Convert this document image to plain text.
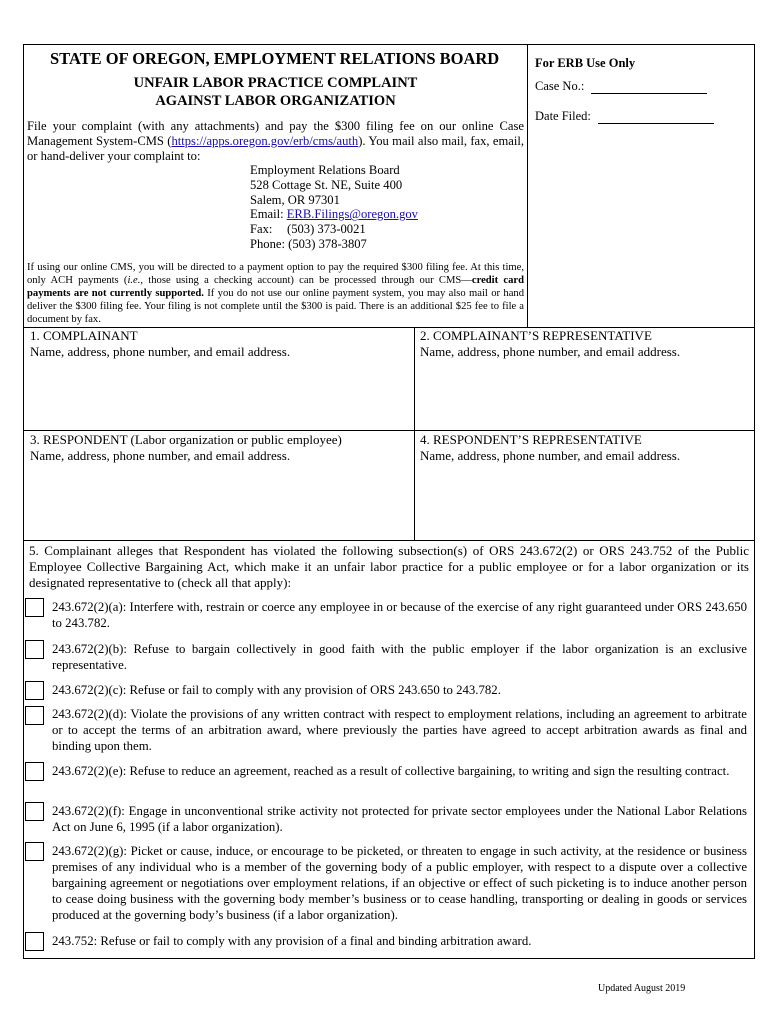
STATE OF OREGON, EMPLOYMENT RELATIONS BOARD
UNFAIR LABOR PRACTICE COMPLAINT
AGAINST LABOR ORGANIZATION
For ERB Use Only
Case No.:
Date Filed:
File your complaint (with any attachments) and pay the $300 filing fee on our online Case Management System-CMS (https://apps.oregon.gov/erb/cms/auth). You mail also mail, fax, email, or hand-deliver your complaint to:
Employment Relations Board
528 Cottage St. NE, Suite 400
Salem, OR 97301
Email: ERB.Filings@oregon.gov
Fax: (503) 373-0021
Phone: (503) 378-3807
If using our online CMS, you will be directed to a payment option to pay the required $300 filing fee. At this time, only ACH payments (i.e., those using a checking account) can be processed through our CMS—credit card payments are not currently supported. If you do not use our online payment system, you may also mail or hand deliver the $300 filing fee. Your filing is not complete until the $300 is paid. There is an additional $25 fee to file a document by fax.
1. COMPLAINANT
Name, address, phone number, and email address.
2. COMPLAINANT’S REPRESENTATIVE
Name, address, phone number, and email address.
3. RESPONDENT (Labor organization or public employee)
Name, address, phone number, and email address.
4. RESPONDENT’S REPRESENTATIVE
Name, address, phone number, and email address.
5. Complainant alleges that Respondent has violated the following subsection(s) of ORS 243.672(2) or ORS 243.752 of the Public Employee Collective Bargaining Act, which make it an unfair labor practice for a public employee or for a labor organization or its designated representative to (check all that apply):
243.672(2)(a): Interfere with, restrain or coerce any employee in or because of the exercise of any right guaranteed under ORS 243.650 to 243.782.
243.672(2)(b): Refuse to bargain collectively in good faith with the public employer if the labor organization is an exclusive representative.
243.672(2)(c): Refuse or fail to comply with any provision of ORS 243.650 to 243.782.
243.672(2)(d): Violate the provisions of any written contract with respect to employment relations, including an agreement to arbitrate or to accept the terms of an arbitration award, where previously the parties have agreed to accept arbitration awards as final and binding upon them.
243.672(2)(e): Refuse to reduce an agreement, reached as a result of collective bargaining, to writing and sign the resulting contract.
243.672(2)(f): Engage in unconventional strike activity not protected for private sector employees under the National Labor Relations Act on June 6, 1995 (if a labor organization).
243.672(2)(g): Picket or cause, induce, or encourage to be picketed, or threaten to engage in such activity, at the residence or business premises of any individual who is a member of the governing body of a public employer, with respect to a dispute over a collective bargaining agreement or negotiations over employment relations, if an objective or effect of such picketing is to induce another person to cease doing business with the governing body member’s business or to cease handling, transporting or dealing in goods or services produced at the governing body’s business (if a labor organization).
243.752: Refuse or fail to comply with any provision of a final and binding arbitration award.
Updated August 2019
